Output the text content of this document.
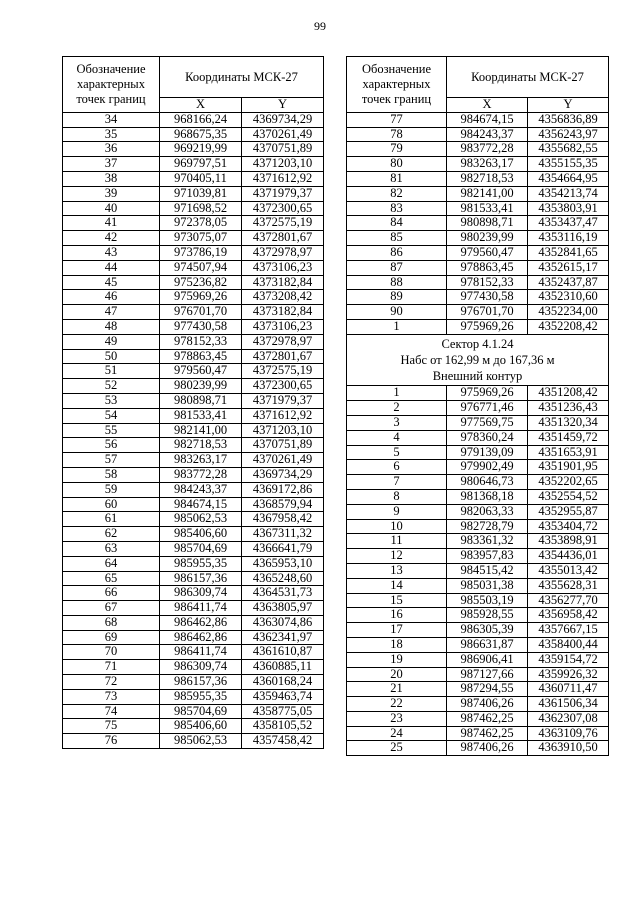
99
Обозначение характерных точек границ	Координаты МСК-27	
	X	Y
34	968166,24	4369734,29
35	968675,35	4370261,49
36	969219,99	4370751,89
37	969797,51	4371203,10
38	970405,11	4371612,92
39	971039,81	4371979,37
40	971698,52	4372300,65
41	972378,05	4372575,19
42	973075,07	4372801,67
43	973786,19	4372978,97
44	974507,94	4373106,23
45	975236,82	4373182,84
46	975969,26	4373208,42
47	976701,70	4373182,84
48	977430,58	4373106,23
49	978152,33	4372978,97
50	978863,45	4372801,67
51	979560,47	4372575,19
52	980239,99	4372300,65
53	980898,71	4371979,37
54	981533,41	4371612,92
55	982141,00	4371203,10
56	982718,53	4370751,89
57	983263,17	4370261,49
58	983772,28	4369734,29
59	984243,37	4369172,86
60	984674,15	4368579,94
61	985062,53	4367958,42
62	985406,60	4367311,32
63	985704,69	4366641,79
64	985955,35	4365953,10
65	986157,36	4365248,60
66	986309,74	4364531,73
67	986411,74	4363805,97
68	986462,86	4363074,86
69	986462,86	4362341,97
70	986411,74	4361610,87
71	986309,74	4360885,11
72	986157,36	4360168,24
73	985955,35	4359463,74
74	985704,69	4358775,05
75	985406,60	4358105,52
76	985062,53	4357458,42
Обозначение характерных точек границ	Координаты МСК-27	
	X	Y
77	984674,15	4356836,89
78	984243,37	4356243,97
79	983772,28	4355682,55
80	983263,17	4355155,35
81	982718,53	4354664,95
82	982141,00	4354213,74
83	981533,41	4353803,91
84	980898,71	4353437,47
85	980239,99	4353116,19
86	979560,47	4352841,65
87	978863,45	4352615,17
88	978152,33	4352437,87
89	977430,58	4352310,60
90	976701,70	4352234,00
1	975969,26	4352208,42

Сектор 4.1.24
Набс от 162,99 м до 167,36 м
Внешний контур		

1	975969,26	4351208,42
2	976771,46	4351236,43
3	977569,75	4351320,34
4	978360,24	4351459,72
5	979139,09	4351653,91
6	979902,49	4351901,95
7	980646,73	4352202,65
8	981368,18	4352554,52
9	982063,33	4352955,87
10	982728,79	4353404,72
11	983361,32	4353898,91
12	983957,83	4354436,01
13	984515,42	4355013,42
14	985031,38	4355628,31
15	985503,19	4356277,70
16	985928,55	4356958,42
17	986305,39	4357667,15
18	986631,87	4358400,44
19	986906,41	4359154,72
20	987127,66	4359926,32
21	987294,55	4360711,47
22	987406,26	4361506,34
23	987462,25	4362307,08
24	987462,25	4363109,76
25	987406,26	4363910,50
